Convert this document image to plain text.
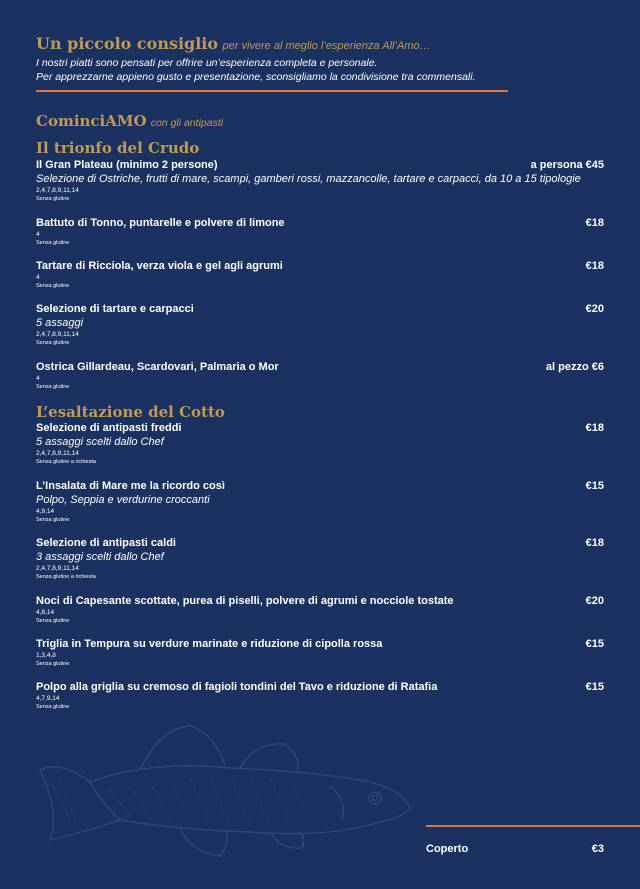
Un piccolo consiglio per vivere al meglio l’esperienza All’Amo…

I nostri piatti sono pensati per offrire un’esperienza completa e personale.

Per apprezzarne appieno gusto e presentazione, sconsigliamo la condivisione tra commensali.

CominciAMO con gli antipasti
Il trionfo del Crudo
Il Gran Plateau (minimo 2 persone)	a persona €45
Selezione di Ostriche, frutti di mare, scampi, gamberi rossi, mazzancolle, tartare e carpacci, da 10 a 15 tipologie
2,4,7,8,9,11,14
Senza glutine
Battuto di Tonno, puntarelle e polvere di limone	€18
4
Senza glutine
Tartare di Ricciola, verza viola e gel agli agrumi	€18
4
Senza glutine
Selezione di tartare e carpacci	€20
5 assaggi
2,4,7,8,9,11,14
Senza glutine
Ostrica Gillardeau, Scardovari, Palmaria o Mor	al pezzo €6
4
Senza glutine
L’esaltazione del Cotto
Selezione di antipasti freddi	€18
5 assaggi scelti dallo Chef
2,4,7,8,9,11,14
Senza glutine a richiesta
L’Insalata di Mare me la ricordo così	€15
Polpo, Seppia e verdurine croccanti
4,9,14
Senza glutine
Selezione di antipasti caldi	€18
3 assaggi scelti dallo Chef
2,4,7,8,9,11,14
Senza glutine a richiesta
Noci di Capesante scottate, purea di piselli, polvere di agrumi e nocciole tostate	€20
4,8,14
Senza glutine
Triglia in Tempura su verdure marinate e riduzione di cipolla rossa	€15
1,3,4,8
Senza glutine
Polpo alla griglia su cremoso di fagioli tondini del Tavo e riduzione di Ratafia	€15
4,7,9,14
Senza glutine
Coperto	€3
